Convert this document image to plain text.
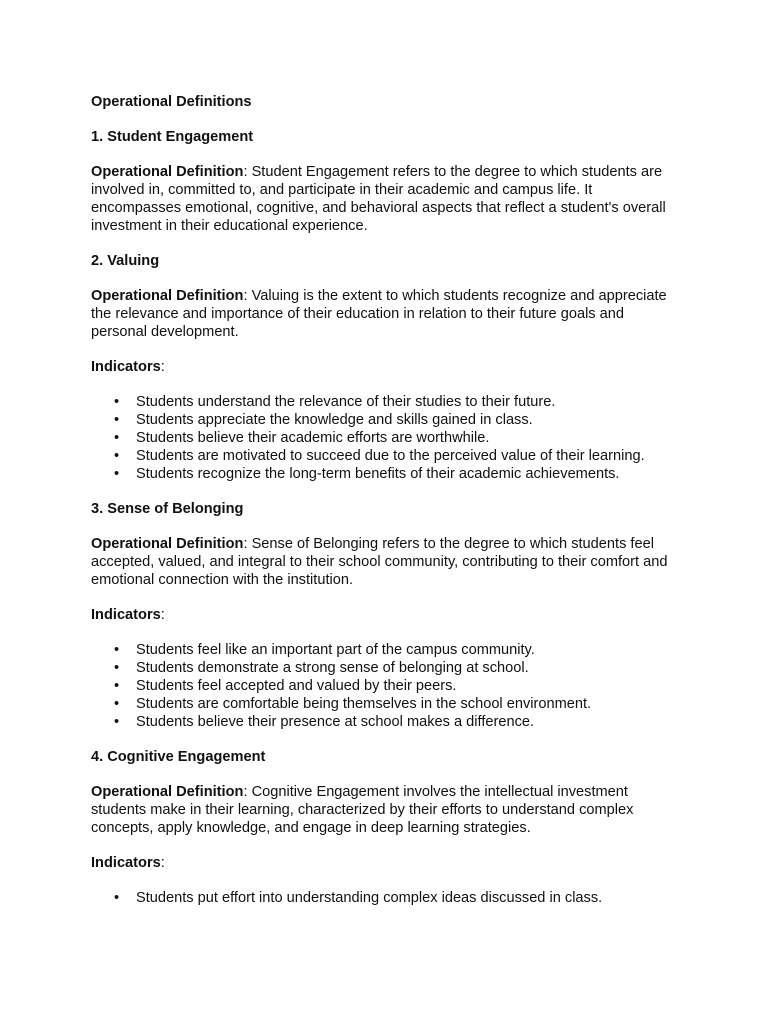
Operational Definitions

1. Student Engagement

Operational Definition: Student Engagement refers to the degree to which students are involved in, committed to, and participate in their academic and campus life. It encompasses emotional, cognitive, and behavioral aspects that reflect a student's overall investment in their educational experience.

2. Valuing

Operational Definition: Valuing is the extent to which students recognize and appreciate the relevance and importance of their education in relation to their future goals and personal development.

Indicators:

• Students understand the relevance of their studies to their future.
• Students appreciate the knowledge and skills gained in class.
• Students believe their academic efforts are worthwhile.
• Students are motivated to succeed due to the perceived value of their learning.
• Students recognize the long-term benefits of their academic achievements.

3. Sense of Belonging

Operational Definition: Sense of Belonging refers to the degree to which students feel accepted, valued, and integral to their school community, contributing to their comfort and emotional connection with the institution.

Indicators:

• Students feel like an important part of the campus community.
• Students demonstrate a strong sense of belonging at school.
• Students feel accepted and valued by their peers.
• Students are comfortable being themselves in the school environment.
• Students believe their presence at school makes a difference.

4. Cognitive Engagement

Operational Definition: Cognitive Engagement involves the intellectual investment students make in their learning, characterized by their efforts to understand complex concepts, apply knowledge, and engage in deep learning strategies.

Indicators:

• Students put effort into understanding complex ideas discussed in class.
